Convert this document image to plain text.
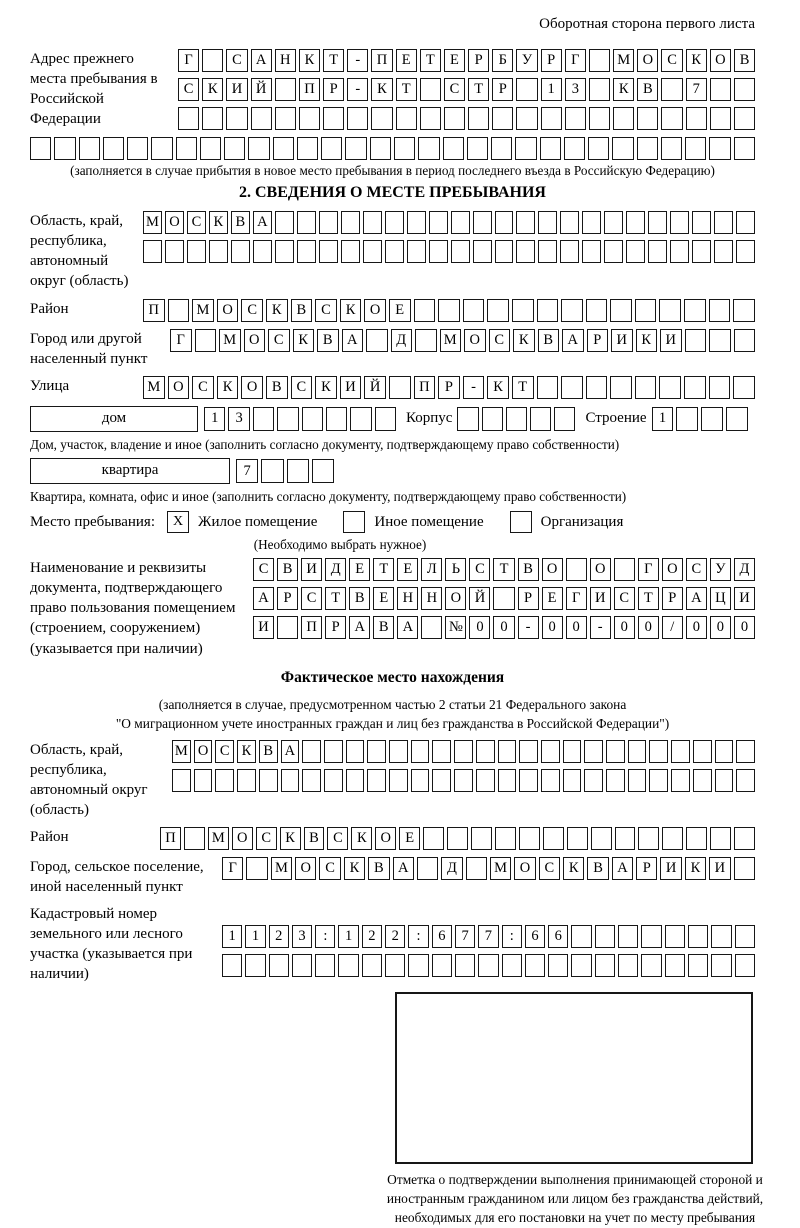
Оборотная сторона первого листа
Адрес прежнего места пребывания в Российской Федерации
Г
	С А Н К	Т	-	П	Е	Т	Е	Р	Б	У	Р	Г
	М О С	К О В
С	К И Й
	П	Р	-	К	Т
	С	Т	Р
	1	3
	К	В
	7

(заполняется в случае прибытия в новое место пребывания в период последнего въезда в Российскую Федерацию)
2. СВЕДЕНИЯ О МЕСТЕ ПРЕБЫВАНИЯ
Область, край, республика, автономный округ (область)
М О С К В А

Район	П
	М О	С	К	В	С	К	О	Е

Город или другой населенный пункт
Г
	М О С	К	В А
	Д
	М О С	К	В А	Р	И К И

Улица	М О	С	К	О	В	С	К	И Й
	П	Р	-	К	Т

дом	1	3

	Корпус

	Строение 1

Дом, участок, владение и иное (заполнить согласно документу, подтверждающему право собственности)
квартира	7

Квартира, комната, офис и иное (заполнить согласно документу, подтверждающему право собственности)
Место пребывания:	X Жилое помещение	Иное помещение	Организация
(Необходимо выбрать нужное)
Наименование и реквизиты документа, подтверждающего право пользования помещением (строением, сооружением) (указывается при наличии)
С В И Д	Е	Т	Е	Л	Ь	С	Т	В О
	О
	Г	О С У Д
А	Р	С	Т	В	Е Н Н О Й
	Р	Е	Г	И С	Т	Р	А Ц И
И
	П	Р	А В А
	№ 0	0	-	0	0	-	0	0	/	0	0	0
Фактическое место нахождения
(заполняется в случае, предусмотренном частью 2 статьи 21 Федерального закона
"О миграционном учете иностранных граждан и лиц без гражданства в Российской Федерации")
Область, край, республика, автономный округ (область)
М О С К В А

Район	П
	М О С К В С К О Е

Город, сельское поселение, иной населенный пункт
Г
	М О С	К	В А
	Д
	М О С	К	В А	Р	И К И

Кадастровый номер земельного или лесного участка (указывается при наличии)
1	1	2	3	:	1	2	2	:	6	7	7	:	6	6

Отметка о подтверждении выполнения принимающей стороной и иностранным гражданином или лицом без гражданства действий, необходимых для его постановки на учет по месту пребывания
